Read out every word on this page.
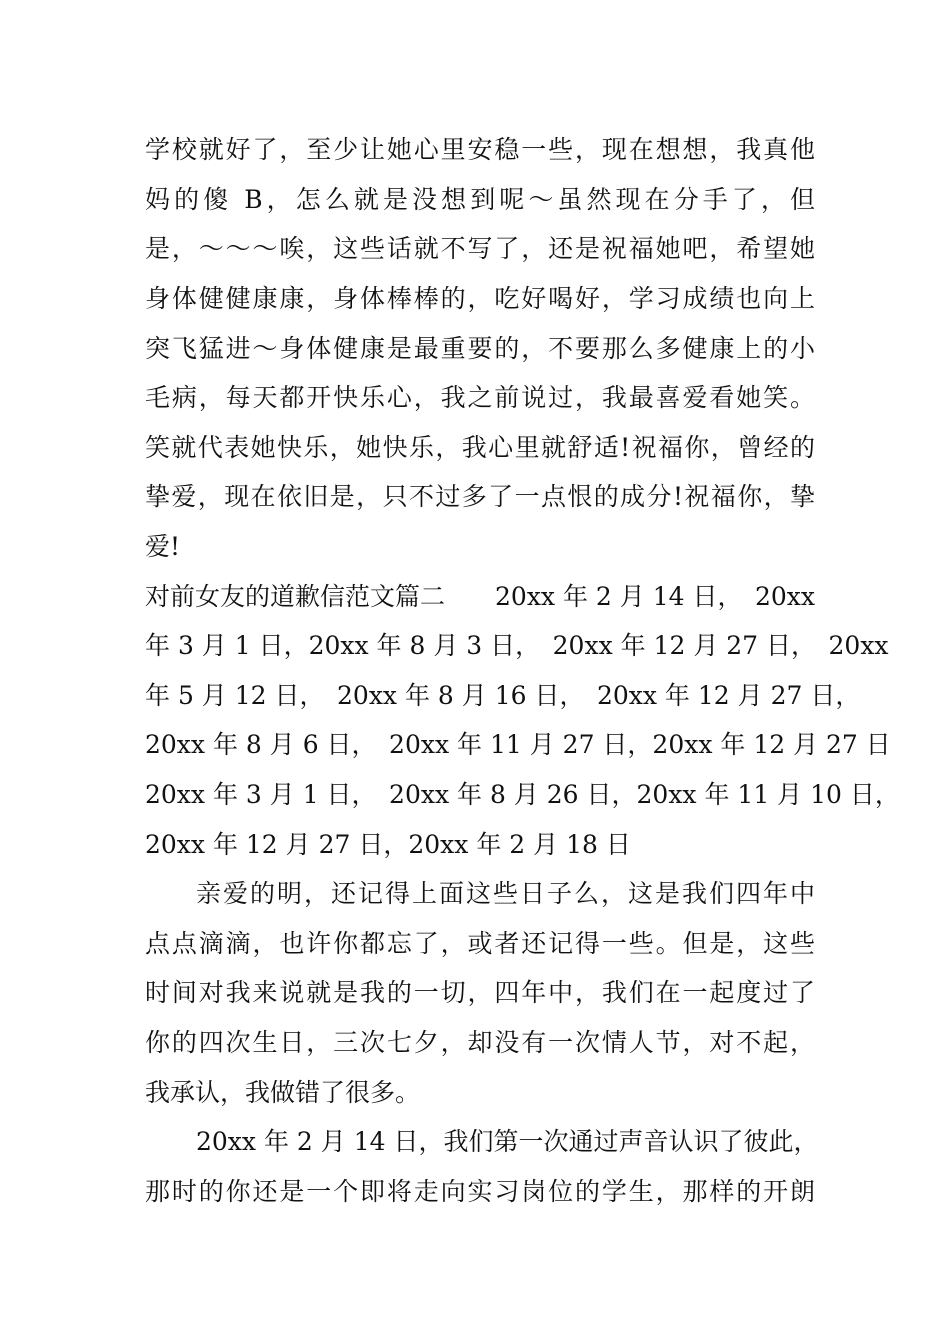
学校就好了，至少让她心里安稳一些，现在想想，我真他
妈的傻 B，怎么就是没想到呢～虽然现在分手了，但
是，～～～唉，这些话就不写了，还是祝福她吧，希望她
身体健健康康，身体棒棒的，吃好喝好，学习成绩也向上
突飞猛进～身体健康是最重要的，不要那么多健康上的小
毛病，每天都开快乐心，我之前说过，我最喜爱看她笑。
笑就代表她快乐，她快乐，我心里就舒适!祝福你，曾经的
挚爱，现在依旧是，只不过多了一点恨的成分!祝福你，挚
爱!
对前女友的道歉信范文篇二　　20xx 年 2 月 14 日，　20xx
年 3 月 1 日，20xx 年 8 月 3 日，　20xx 年 12 月 27 日，　20xx
年 5 月 12 日，　20xx 年 8 月 16 日，　20xx 年 12 月 27 日，
20xx 年 8 月 6 日，　20xx 年 11 月 27 日，20xx 年 12 月 27 日
20xx 年 3 月 1 日，　20xx 年 8 月 26 日，20xx 年 11 月 10 日，
20xx 年 12 月 27 日，20xx 年 2 月 18 日
亲爱的明，还记得上面这些日子么，这是我们四年中
点点滴滴，也许你都忘了，或者还记得一些。但是，这些
时间对我来说就是我的一切，四年中，我们在一起度过了
你的四次生日，三次七夕，却没有一次情人节，对不起，
我承认，我做错了很多。
20xx 年 2 月 14 日，我们第一次通过声音认识了彼此，
那时的你还是一个即将走向实习岗位的学生，那样的开朗
